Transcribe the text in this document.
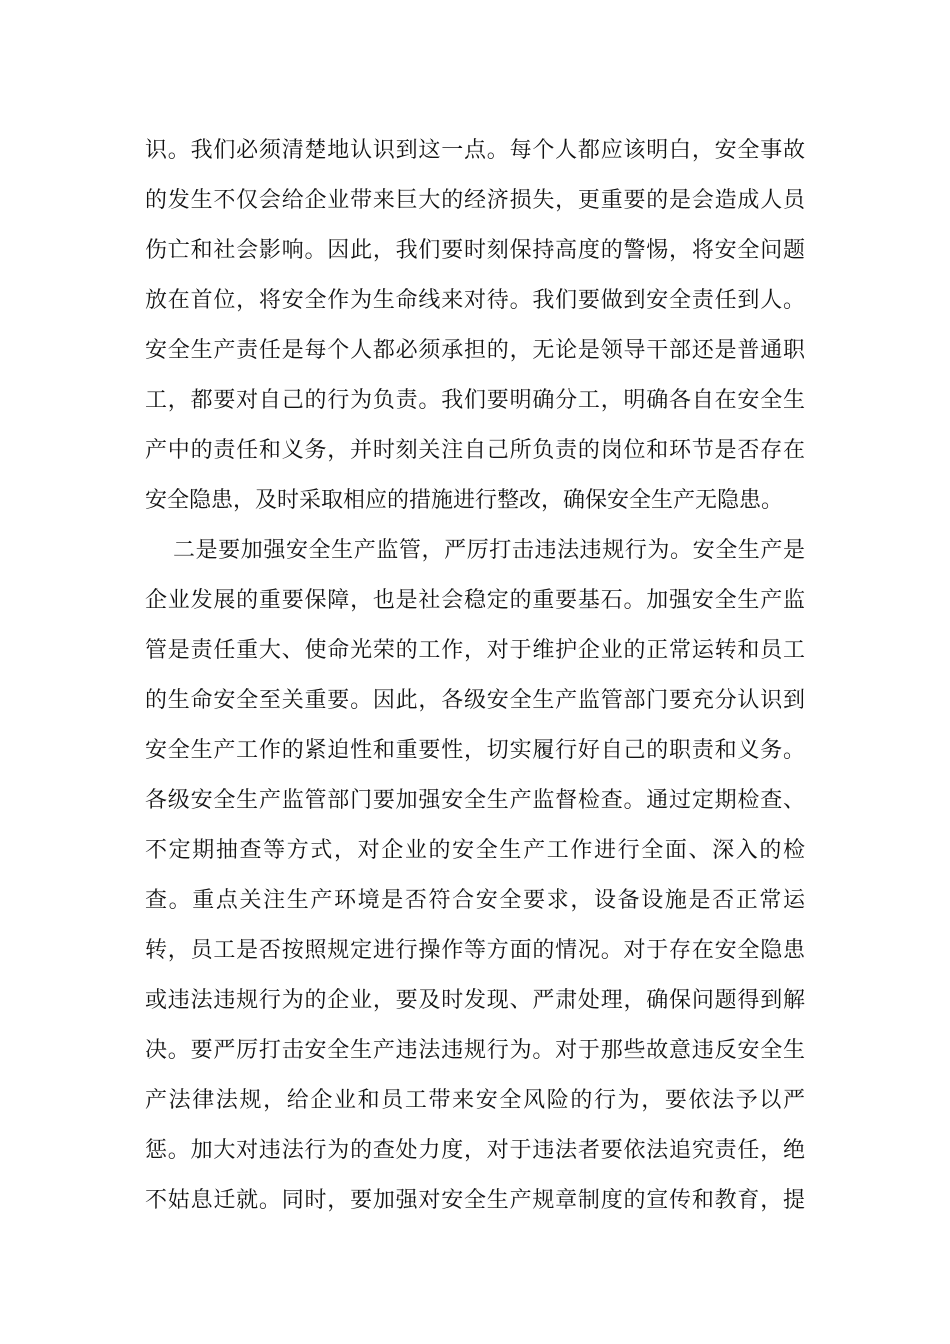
识。我们必须清楚地认识到这一点。每个人都应该明白，安全事故
的发生不仅会给企业带来巨大的经济损失，更重要的是会造成人员
伤亡和社会影响。因此，我们要时刻保持高度的警惕，将安全问题
放在首位，将安全作为生命线来对待。我们要做到安全责任到人。
安全生产责任是每个人都必须承担的，无论是领导干部还是普通职
工，都要对自己的行为负责。我们要明确分工，明确各自在安全生
产中的责任和义务，并时刻关注自己所负责的岗位和环节是否存在
安全隐患，及时采取相应的措施进行整改，确保安全生产无隐患。
二是要加强安全生产监管，严厉打击违法违规行为。安全生产是
企业发展的重要保障，也是社会稳定的重要基石。加强安全生产监
管是责任重大、使命光荣的工作，对于维护企业的正常运转和员工
的生命安全至关重要。因此，各级安全生产监管部门要充分认识到
安全生产工作的紧迫性和重要性，切实履行好自己的职责和义务。
各级安全生产监管部门要加强安全生产监督检查。通过定期检查、
不定期抽查等方式，对企业的安全生产工作进行全面、深入的检
查。重点关注生产环境是否符合安全要求，设备设施是否正常运
转，员工是否按照规定进行操作等方面的情况。对于存在安全隐患
或违法违规行为的企业，要及时发现、严肃处理，确保问题得到解
决。要严厉打击安全生产违法违规行为。对于那些故意违反安全生
产法律法规，给企业和员工带来安全风险的行为，要依法予以严
惩。加大对违法行为的查处力度，对于违法者要依法追究责任，绝
不姑息迁就。同时，要加强对安全生产规章制度的宣传和教育，提
